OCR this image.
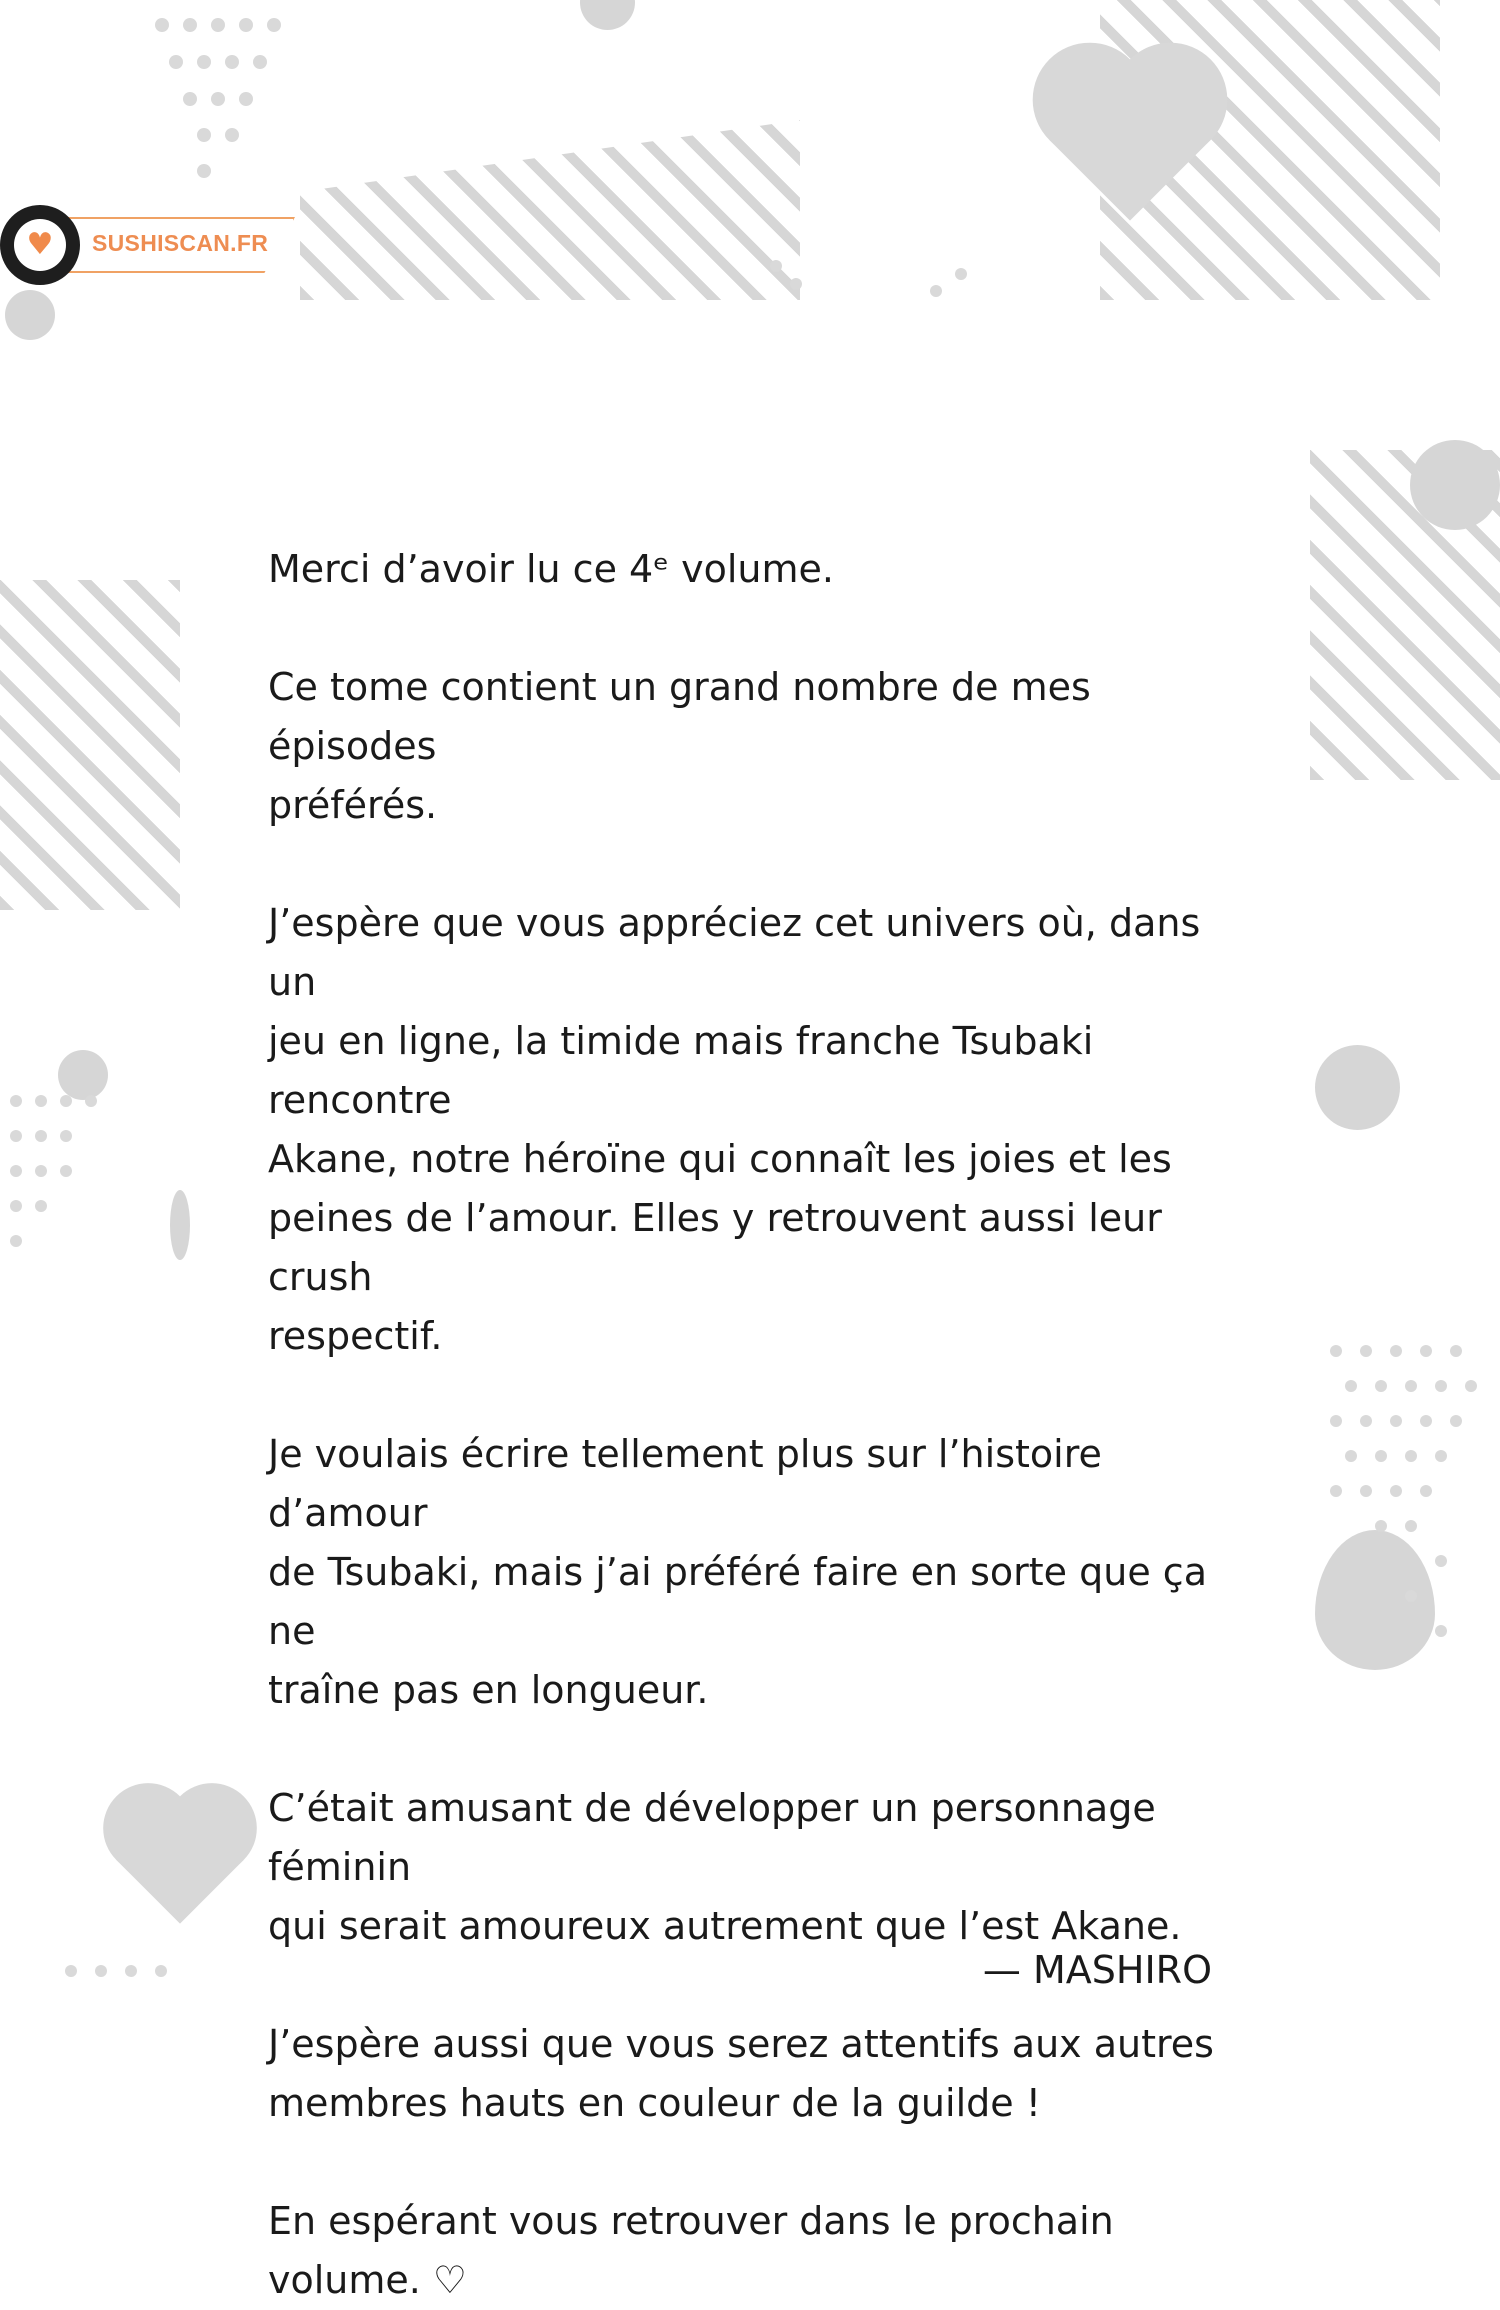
♥	SUSHISCAN.FR

Merci d’avoir lu ce 4ᵉ volume.

Ce tome contient un grand nombre de mes épisodes
préférés.

J’espère que vous appréciez cet univers où, dans un
jeu en ligne, la timide mais franche Tsubaki rencontre
Akane, notre héroïne qui connaît les joies et les
peines de l’amour. Elles y retrouvent aussi leur crush
respectif.

Je voulais écrire tellement plus sur l’histoire d’amour
de Tsubaki, mais j’ai préféré faire en sorte que ça ne
traîne pas en longueur.

C’était amusant de développer un personnage féminin
qui serait amoureux autrement que l’est Akane.

J’espère aussi que vous serez attentifs aux autres
membres hauts en couleur de la guilde !

En espérant vous retrouver dans le prochain
volume. ♡

— MASHIRO
